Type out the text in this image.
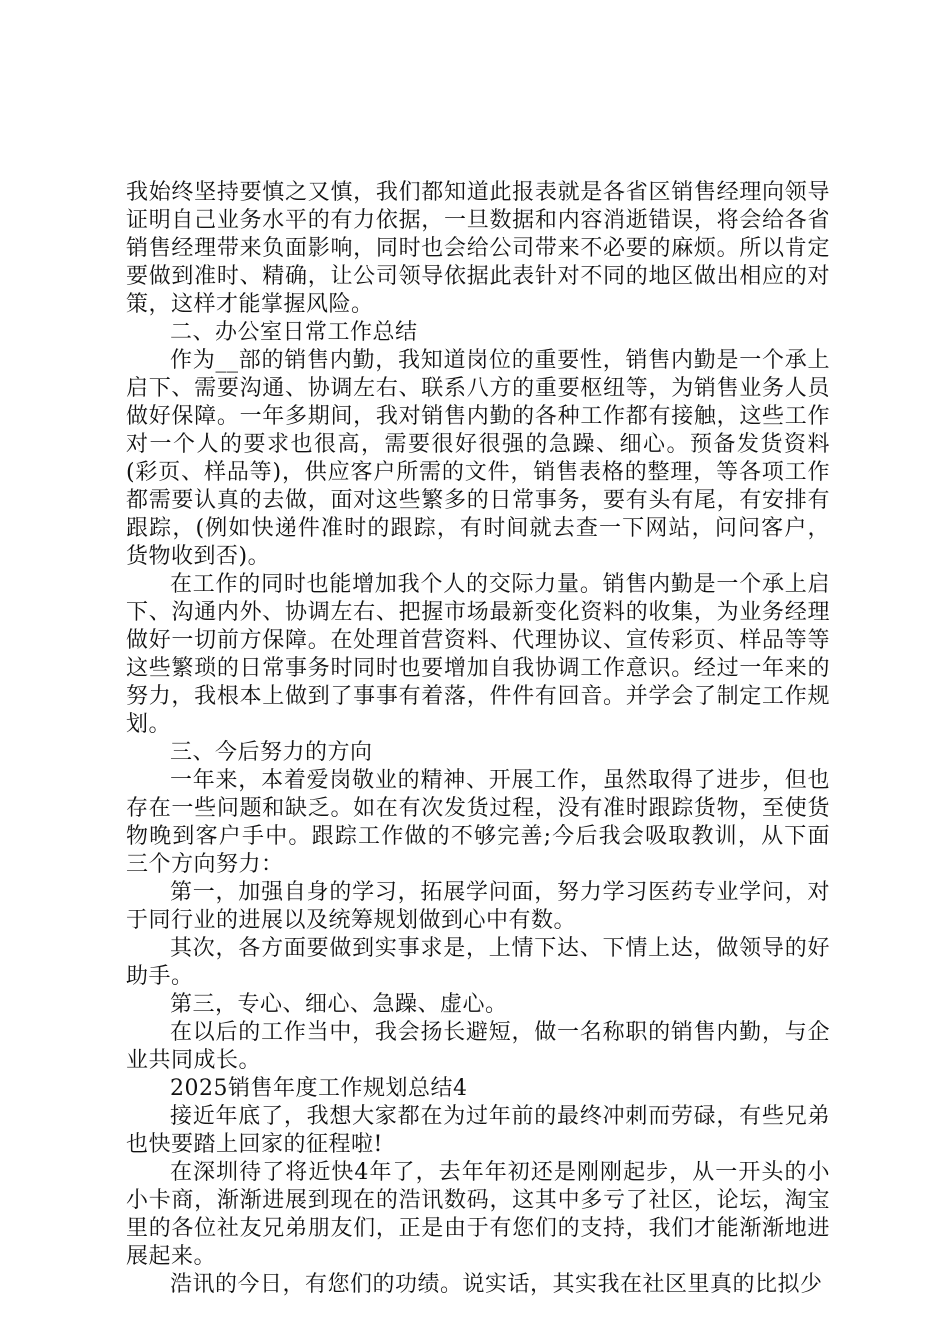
我始终坚持要慎之又慎，我们都知道此报表就是各省区销售经理向领导证明自己业务水平的有力依据，一旦数据和内容消逝错误，将会给各省销售经理带来负面影响，同时也会给公司带来不必要的麻烦。所以肯定要做到准时、精确，让公司领导依据此表针对不同的地区做出相应的对策，这样才能掌握风险。

二、办公室日常工作总结

作为__部的销售内勤，我知道岗位的重要性，销售内勤是一个承上启下、需要沟通、协调左右、联系八方的重要枢纽等，为销售业务人员做好保障。一年多期间，我对销售内勤的各种工作都有接触，这些工作对一个人的要求也很高，需要很好很强的急躁、细心。预备发货资料(彩页、样品等)，供应客户所需的文件，销售表格的整理，等各项工作都需要认真的去做，面对这些繁多的日常事务，要有头有尾，有安排有跟踪，(例如快递件准时的跟踪，有时间就去查一下网站，问问客户，货物收到否)。

在工作的同时也能增加我个人的交际力量。销售内勤是一个承上启下、沟通内外、协调左右、把握市场最新变化资料的收集，为业务经理做好一切前方保障。在处理首营资料、代理协议、宣传彩页、样品等等这些繁琐的日常事务时同时也要增加自我协调工作意识。经过一年来的努力，我根本上做到了事事有着落，件件有回音。并学会了制定工作规划。

三、今后努力的方向

一年来，本着爱岗敬业的精神、开展工作，虽然取得了进步，但也存在一些问题和缺乏。如在有次发货过程，没有准时跟踪货物，至使货物晚到客户手中。跟踪工作做的不够完善;今后我会吸取教训，从下面三个方向努力：

第一，加强自身的学习，拓展学问面，努力学习医药专业学问，对于同行业的进展以及统筹规划做到心中有数。

其次，各方面要做到实事求是，上情下达、下情上达，做领导的好助手。

第三，专心、细心、急躁、虚心。

在以后的工作当中，我会扬长避短，做一名称职的销售内勤，与企业共同成长。

2025销售年度工作规划总结4

接近年底了，我想大家都在为过年前的最终冲刺而劳碌，有些兄弟也快要踏上回家的征程啦!

在深圳待了将近快4年了，去年年初还是刚刚起步，从一开头的小小卡商，渐渐进展到现在的浩讯数码，这其中多亏了社区，论坛，淘宝里的各位社友兄弟朋友们，正是由于有您们的支持，我们才能渐渐地进展起来。

浩讯的今日，有您们的功绩。说实话，其实我在社区里真的比拟少
